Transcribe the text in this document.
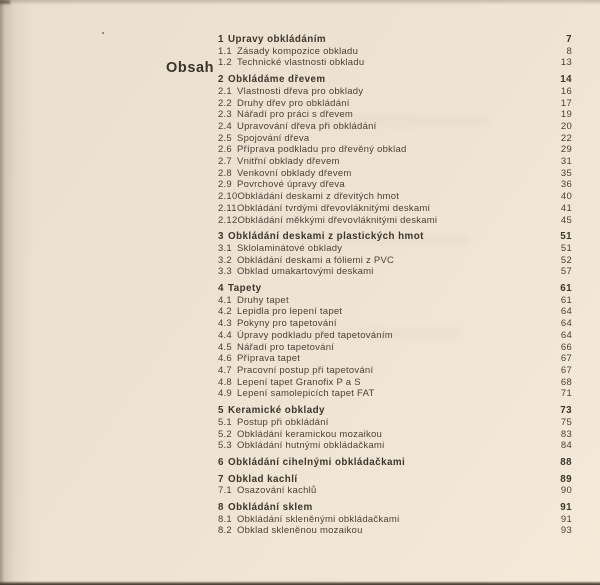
Obsah
1 Úpravy obkládáním	7
1.1 Zásady kompozice obkladu	8
1.2 Technické vlastnosti obkladu	13
2 Obkládáme dřevem	14
2.1 Vlastnosti dřeva pro obklady	16
2.2 Druhy dřev pro obkládání	17
2.3 Nářadí pro práci s dřevem	19
2.4 Upravování dřeva při obkládání	20
2.5 Spojování dřeva	22
2.6 Příprava podkladu pro dřevěný obklad	29
2.7 Vnitřní obklady dřevem	31
2.8 Venkovní obklady dřevem	35
2.9 Povrchové úpravy dřeva	36
2.10 Obkládání deskami z dřevitých hmot	40
2.11 Obkládání tvrdými dřevovláknitými deskami	41
2.12 Obkládání měkkými dřevovláknitými deskami	45
3 Obkládání deskami z plastických hmot	51
3.1 Sklolaminátové obklady	51
3.2 Obkládání deskami a fóliemi z PVC	52
3.3 Obklad umakartovými deskami	57
4 Tapety	61
4.1 Druhy tapet	61
4.2 Lepidla pro lepení tapet	64
4.3 Pokyny pro tapetování	64
4.4 Úpravy podkladu před tapetováním	64
4.5 Nářadí pro tapetování	66
4.6 Příprava tapet	67
4.7 Pracovní postup při tapetování	67
4.8 Lepení tapet Granofix P a S	68
4.9 Lepení samolepicích tapet FAT	71
5 Keramické obklady	73
5.1 Postup při obkládání	75
5.2 Obkládání keramickou mozaikou	83
5.3 Obkládání hutnými obkládačkami	84
6 Obkládání cihelnými obkládačkami	88
7 Obklad kachlí	89
7.1 Osazování kachlů	90
8 Obkládání sklem	91
8.1 Obkládání skleněnými obkládačkami	91
8.2 Obklad skleněnou mozaikou	93
